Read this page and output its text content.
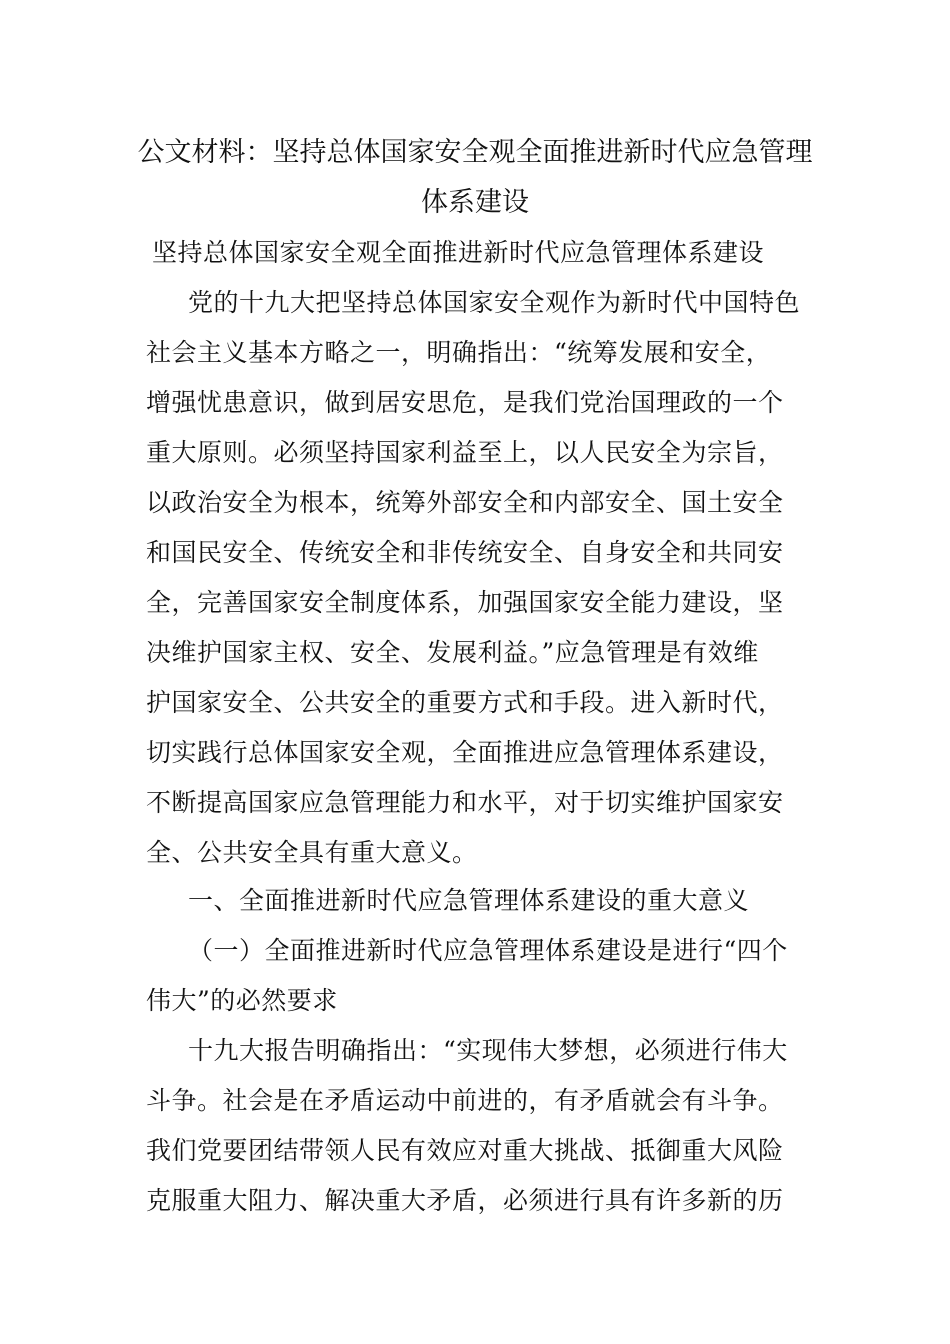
公文材料：坚持总体国家安全观全面推进新时代应急管理
体系建设
坚持总体国家安全观全面推进新时代应急管理体系建设
党的十九大把坚持总体国家安全观作为新时代中国特色
社会主义基本方略之一，明确指出：“统筹发展和安全，
增强忧患意识，做到居安思危，是我们党治国理政的一个
重大原则。必须坚持国家利益至上，以人民安全为宗旨，
以政治安全为根本，统筹外部安全和内部安全、国土安全
和国民安全、传统安全和非传统安全、自身安全和共同安
全，完善国家安全制度体系，加强国家安全能力建设，坚
决维护国家主权、安全、发展利益。”应急管理是有效维
护国家安全、公共安全的重要方式和手段。进入新时代，
切实践行总体国家安全观，全面推进应急管理体系建设，
不断提高国家应急管理能力和水平，对于切实维护国家安
全、公共安全具有重大意义。
一、全面推进新时代应急管理体系建设的重大意义
（一）全面推进新时代应急管理体系建设是进行“四个
伟大”的必然要求
十九大报告明确指出：“实现伟大梦想，必须进行伟大
斗争。社会是在矛盾运动中前进的，有矛盾就会有斗争。
我们党要团结带领人民有效应对重大挑战、抵御重大风险
克服重大阻力、解决重大矛盾，必须进行具有许多新的历
